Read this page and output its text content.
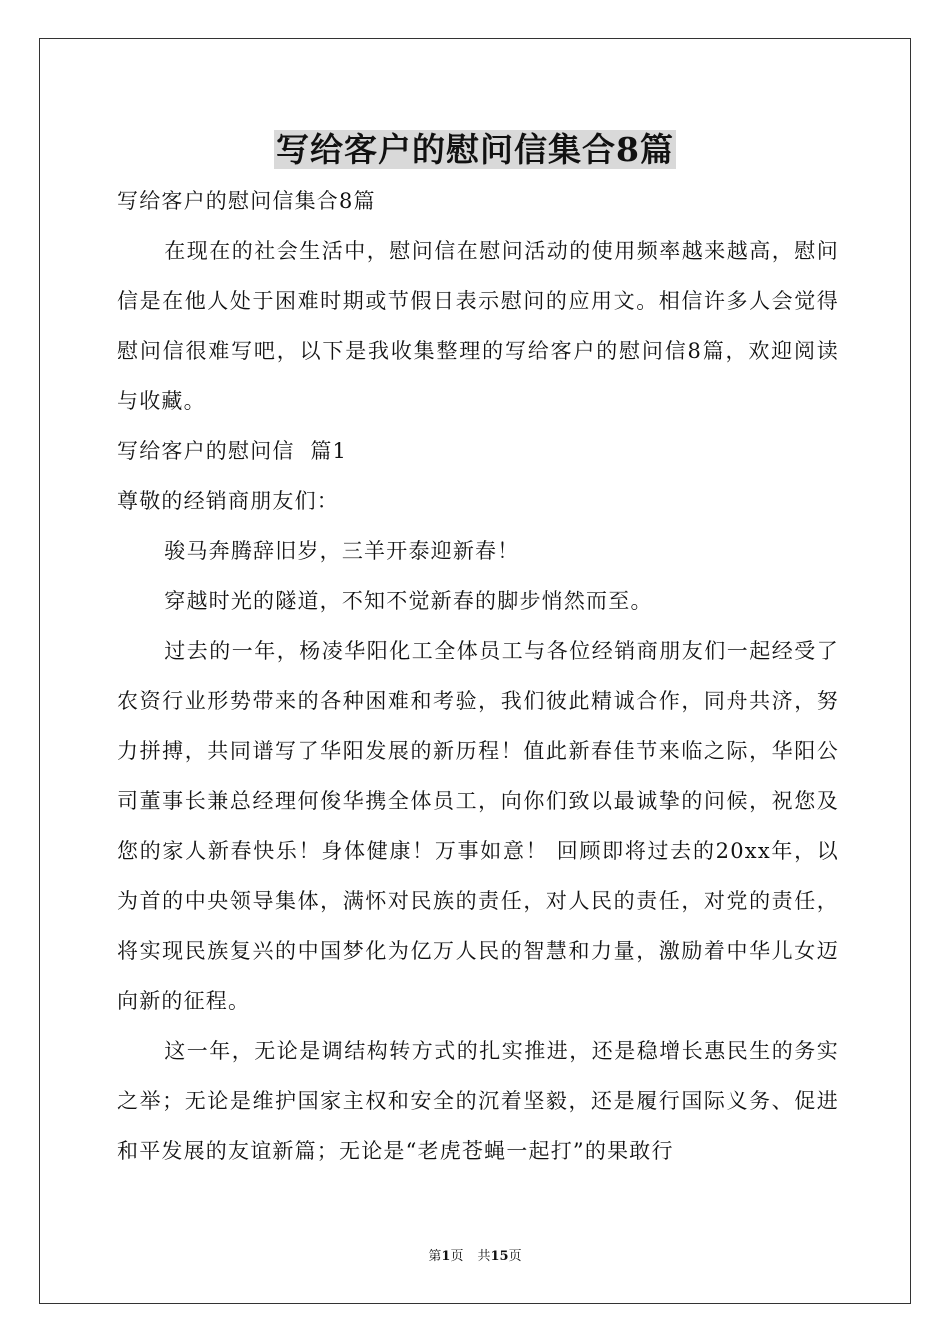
写给客户的慰问信集合8篇

写给客户的慰问信集合8篇

在现在的社会生活中，慰问信在慰问活动的使用频率越来越高，慰问信是在他人处于困难时期或节假日表示慰问的应用文。相信许多人会觉得慰问信很难写吧，以下是我收集整理的写给客户的慰问信8篇，欢迎阅读与收藏。

写给客户的慰问信  篇1

尊敬的经销商朋友们：

骏马奔腾辞旧岁，三羊开泰迎新春！

穿越时光的隧道，不知不觉新春的脚步悄然而至。

过去的一年，杨凌华阳化工全体员工与各位经销商朋友们一起经受了农资行业形势带来的各种困难和考验，我们彼此精诚合作，同舟共济，努力拼搏，共同谱写了华阳发展的新历程！值此新春佳节来临之际，华阳公司董事长兼总经理何俊华携全体员工，向你们致以最诚挚的问候，祝您及您的家人新春快乐！身体健康！万事如意！ 回顾即将过去的20xx年，以为首的中央领导集体，满怀对民族的责任，对人民的责任，对党的责任，将实现民族复兴的中国梦化为亿万人民的智慧和力量，激励着中华儿女迈向新的征程。

这一年，无论是调结构转方式的扎实推进，还是稳增长惠民生的务实之举；无论是维护国家主权和安全的沉着坚毅，还是履行国际义务、促进和平发展的友谊新篇；无论是“老虎苍蝇一起打”的果敢行

第1页 共15页
